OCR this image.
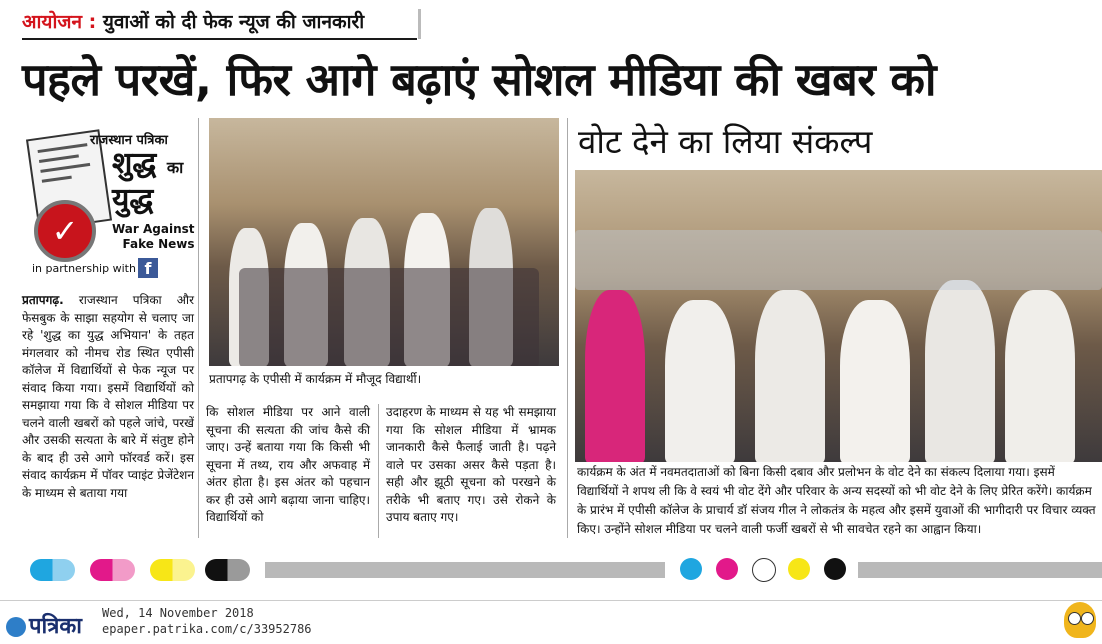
आयोजन : युवाओं को दी फेक न्यूज की जानकारी
पहले परखें, फिर आगे बढ़ाएं सोशल मीडिया की खबर को
वोट देने का लिया संकल्प
राजस्थान पत्रिका
शुद्ध का
युद्ध
✓	War Against
Fake News
in partnership with f
प्रतापगढ़ के एपीसी में कार्यक्रम में मौजूद विद्यार्थी।
कार्यक्रम के अंत में नवमतदाताओं को बिना किसी दबाव और प्रलोभन के वोट देने का संकल्प दिलाया गया। इसमें विद्यार्थियों ने शपथ ली कि वे स्वयं भी वोट देंगे और परिवार के अन्य सदस्यों को भी वोट देने के लिए प्रेरित करेंगे। कार्यक्रम के प्रारंभ में एपीसी कॉलेज के प्राचार्य डॉ संजय गील ने लोकतंत्र के महत्व और इसमें युवाओं की भागीदारी पर विचार व्यक्त किए। उन्होंने सोशल मीडिया पर चलने वाली फर्जी खबरों से भी सावचेत रहने का आह्वान किया।
प्रतापगढ़. राजस्थान पत्रिका और फेसबुक के साझा सहयोग से चलाए जा रहे 'शुद्ध का युद्ध अभियान' के तहत मंगलवार को नीमच रोड स्थित एपीसी कॉलेज में विद्यार्थियों से फेक न्यूज पर संवाद किया गया। इसमें विद्यार्थियों को समझाया गया कि वे सोशल मीडिया पर चलने वाली खबरों को पहले जांचे, परखें और उसकी सत्यता के बारे में संतुष्ट होने के बाद ही उसे आगे फॉरवर्ड करें। इस संवाद कार्यक्रम में पॉवर प्वाइंट प्रेजेंटेशन के माध्यम से बताया गया
कि सोशल मीडिया पर आने वाली सूचना की सत्यता की जांच कैसे की जाए। उन्हें बताया गया कि किसी भी सूचना में तथ्य, राय और अफवाह में अंतर होता है। इस अंतर को पहचान कर ही उसे आगे बढ़ाया जाना चाहिए। विद्यार्थियों को
उदाहरण के माध्यम से यह भी समझाया गया कि सोशल मीडिया में भ्रामक जानकारी कैसे फैलाई जाती है। पढ़ने वाले पर उसका असर कैसे पड़ता है। सही और झूठी सूचना को परखने के तरीके भी बताए गए। उसे रोकने के उपाय बताए गए।
पत्रिका
Wed, 14 November 2018
epaper.patrika.com/c/33952786
